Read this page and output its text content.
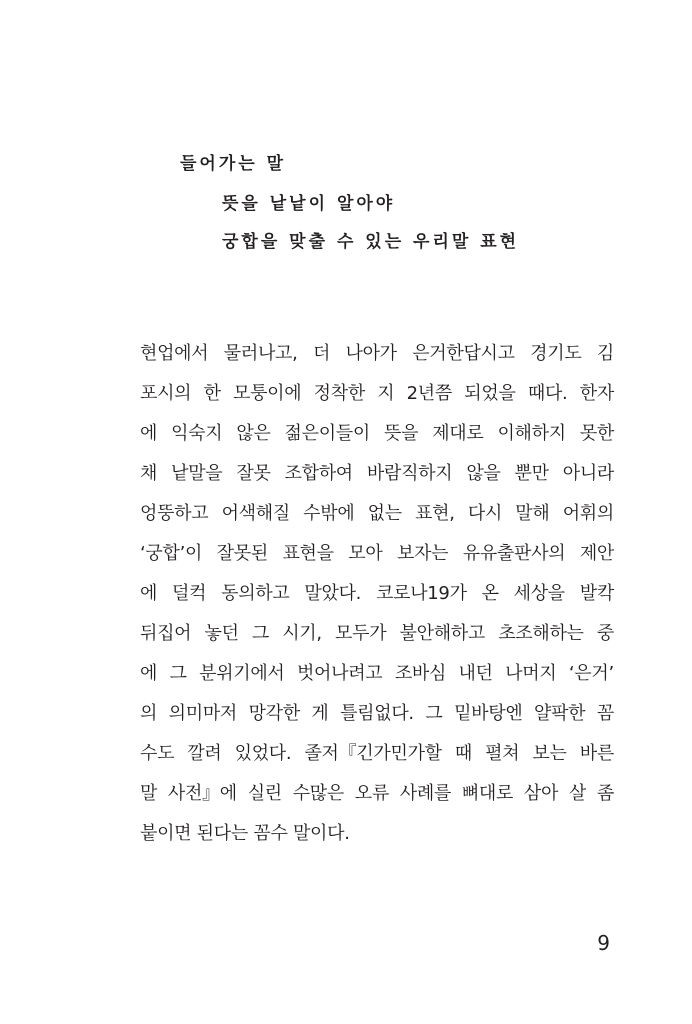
들어가는 말
뜻을 낱낱이 알아야
궁합을 맞출 수 있는 우리말 표현
현업에서 물러나고, 더 나아가 은거한답시고 경기도 김
포시의 한 모퉁이에 정착한 지 2년쯤 되었을 때다. 한자
에 익숙지 않은 젊은이들이 뜻을 제대로 이해하지 못한
채 낱말을 잘못 조합하여 바람직하지 않을 뿐만 아니라
엉뚱하고 어색해질 수밖에 없는 표현, 다시 말해 어휘의
‘궁합’이 잘못된 표현을 모아 보자는 유유출판사의 제안
에 덜컥 동의하고 말았다. 코로나19가 온 세상을 발칵
뒤집어 놓던 그 시기, 모두가 불안해하고 초조해하는 중
에 그 분위기에서 벗어나려고 조바심 내던 나머지 ‘은거’
의 의미마저 망각한 게 틀림없다. 그 밑바탕엔 얄팍한 꼼
수도 깔려 있었다. 졸저『긴가민가할 때 펼쳐 보는 바른
말 사전』에 실린 수많은 오류 사례를 뼈대로 삼아 살 좀
붙이면 된다는 꼼수 말이다.
9
